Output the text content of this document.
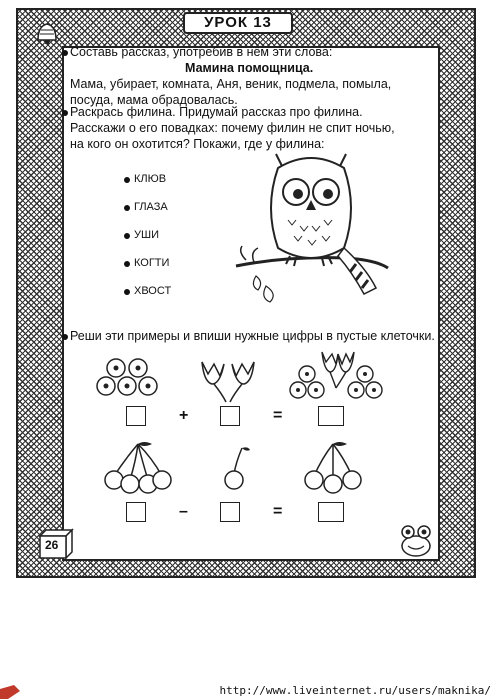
УРОК 13
Составь рассказ, употребив в нём эти слова:
Мамина помощница.
Мама, убирает, комната, Аня, веник, подмела, помыла,
посуда, мама обрадовалась.
Раскрась филина. Придумай рассказ про филина.
Расскажи о его повадках: почему филин не спит ночью,
на кого он охотится? Покажи, где у филина:
КЛЮВ
ГЛАЗА
УШИ
КОГТИ
ХВОСТ
Реши эти примеры и впиши нужные цифры в пустые клеточки.
+	=
–	=
26
http://www.liveinternet.ru/users/maknika/
